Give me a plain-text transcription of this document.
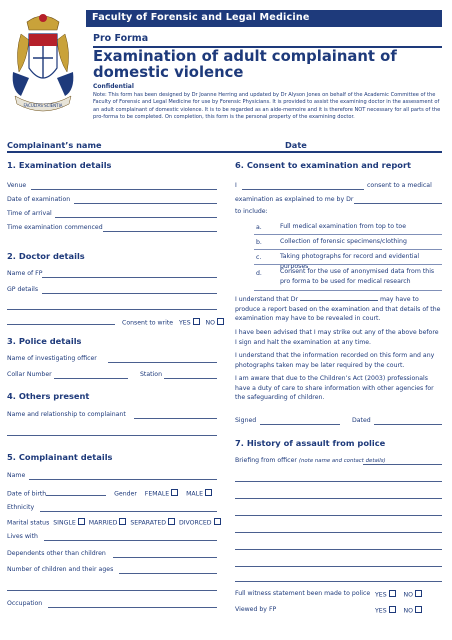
FACULTAS SCIENTIA
Faculty of Forensic and Legal Medicine
Pro Forma
Examination of adult complainant of domestic violence
Confidential
Note: This form has been designed by Dr Joanne Herring and updated by Dr Alyson Jones on behalf of the Academic Committee of the Faculty of Forensic and Legal Medicine for use by Forensic Physicians. It is provided to assist the examining doctor in the assessment of an adult complainant of domestic violence. It is to be regarded as an aide-memoire and it is therefore NOT necessary for all parts of the pro-forma to be completed. On completion, this form is the personal property of the examining doctor.
Complainant’s name	Date
1. Examination details
Venue
Date of examination
Time of arrival
Time examination commenced
2. Doctor details
Name of FP
GP details
Consent to write YES NO
3. Police details
Name of investigating officer
Collar Number	Station
4. Others present
Name and relationship to complainant
5. Complainant details
Name
Date of birth	Gender FEMALE	MALE
Ethnicity
Marital status SINGLE MARRIED SEPARATED DIVORCED
Lives with
Dependents other than children
Number of children and their ages
Occupation
6. Consent to examination and report
I	consent to a medical
examination as explained to me by Dr
to include:
a.	Full medical examination from top to toe
b.	Collection of forensic specimens/clothing
c.	Taking photographs for record and evidential purposes
d.	Consent for the use of anonymised data from this pro forma to be used for medical research
I understand that Dr	may have to produce a report based on the examination and that details of the examination may have to be revealed in court.
I have been advised that I may strike out any of the above before I sign and halt the examination at any time.
I understand that the information recorded on this form and any photographs taken may be later required by the court.
I am aware that due to the Children’s Act (2003) professionals have a duty of care to share information with other agencies for the safeguarding of children.
Signed	Dated
7. History of assault from police
Briefing from officer (note name and contact details)
Full witness statement been made to police YES	NO
Viewed by FP	YES	NO
